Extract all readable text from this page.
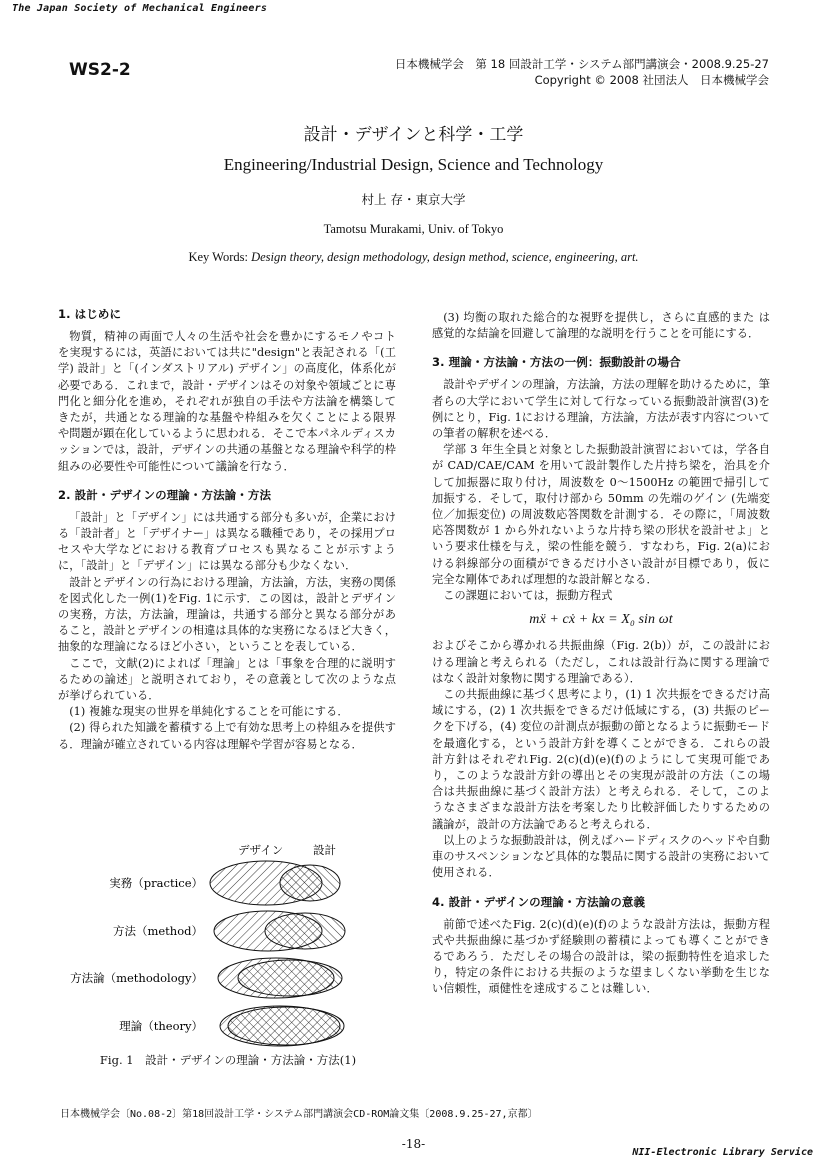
The Japan Society of Mechanical Engineers
WS2-2	日本機械学会　第 18 回設計工学・システム部門講演会・2008.9.25-27
Copyright © 2008 社団法人　日本機械学会
設計・デザインと科学・工学
Engineering/Industrial Design, Science and Technology
村上 存・東京大学
Tamotsu Murakami, Univ. of Tokyo
Key Words: Design theory, design methodology, design method, science, engineering, art.
1. はじめに

物質，精神の両面で人々の生活や社会を豊かにするモノやコトを実現するには，英語においては共に"design"と表記される「(工学) 設計」と「(インダストリアル) デザイン」の高度化，体系化が必要である．これまで，設計・デザインはその対象や領域ごとに専門化と細分化を進め，それぞれが独自の手法や方法論を構築してきたが，共通となる理論的な基盤や枠組みを欠くことによる限界や問題が顕在化しているように思われる．そこで本パネルディスカッションでは，設計，デザインの共通の基盤となる理論や科学的枠組みの必要性や可能性について議論を行なう．

2. 設計・デザインの理論・方法論・方法

「設計」と「デザイン」には共通する部分も多いが，企業における「設計者」と「デザイナー」は異なる職種であり，その採用プロセスや大学などにおける教育プロセスも異なることが示すように，「設計」と「デザイン」には異なる部分も少なくない．

設計とデザインの行為における理論，方法論，方法，実務の関係を図式化した一例(1)をFig. 1に示す．この図は，設計とデザインの実務，方法，方法論，理論は，共通する部分と異なる部分があること，設計とデザインの相違は具体的な実務になるほど大きく，抽象的な理論になるほど小さい，ということを表している．

ここで，文献(2)によれば「理論」とは「事象を合理的に説明するための論述」と説明されており，その意義として次のような点が挙げられている．

(1) 複雑な現実の世界を単純化することを可能にする．

(2) 得られた知識を蓄積する上で有効な思考上の枠組みを提供する．理論が確立されている内容は理解や学習が容易となる．

デザイン	設計
実務（practice）
方法（method）
方法論（methodology）
理論（theory）
Fig. 1　設計・デザインの理論・方法論・方法(1)

(3) 均衡の取れた総合的な視野を提供し，さらに直感的また は感覚的な結論を回避して論理的な説明を行うことを可能にする．

3. 理論・方法論・方法の一例：振動設計の場合

設計やデザインの理論，方法論，方法の理解を助けるために，筆者らの大学において学生に対して行なっている振動設計演習(3)を例にとり，Fig. 1における理論，方法論，方法が表す内容についての筆者の解釈を述べる．

学部 3 年生全員と対象とした振動設計演習においては，学各自が CAD/CAE/CAM を用いて設計製作した片持ち梁を，治具を介して加振器に取り付け，周波数を 0～1500Hz の範囲で掃引して加振する．そして，取付け部から 50mm の先端のゲイン (先端変位／加振変位) の周波数応答関数を計測する．その際に，「周波数応答関数が 1 から外れないような片持ち梁の形状を設計せよ」という要求仕様を与え，梁の性能を競う．すなわち，Fig. 2(a)における斜線部分の面積ができるだけ小さい設計が目標であり，仮に完全な剛体であれば理想的な設計解となる．

この課題においては，振動方程式

mẍ + cẋ + kx = X₀ sin ωt

およびそこから導かれる共振曲線（Fig. 2(b)）が，この設計における理論と考えられる（ただし，これは設計行為に関する理論ではなく設計対象物に関する理論である）．

この共振曲線に基づく思考により，(1) 1 次共振をできるだけ高域にする，(2) 1 次共振をできるだけ低域にする，(3) 共振のピークを下げる，(4) 変位の計測点が振動の節となるように振動モードを最適化する，という設計方針を導くことができる．これらの設計方針はそれぞれFig. 2(c)(d)(e)(f)のようにして実現可能であり，このような設計方針の導出とその実現が設計の方法（この場合は共振曲線に基づく設計方法）と考えられる．そして，このようなさまざまな設計方法を考案したり比較評価したりするための議論が，設計の方法論であると考えられる．

以上のような振動設計は，例えばハードディスクのヘッドや自動車のサスペンションなど具体的な製品に関する設計の実務において使用される．

4. 設計・デザインの理論・方法論の意義

前節で述べたFig. 2(c)(d)(e)(f)のような設計方法は，振動方程式や共振曲線に基づかず経験則の蓄積によっても導くことができるであろう．ただしその場合の設計は，梁の振動特性を追求したり，特定の条件における共振のような望ましくない挙動を生じない信頼性，頑健性を達成することは難しい．

日本機械学会〔No.08-2〕第18回設計工学・システム部門講演会CD-ROM論文集〔2008.9.25-27,京都〕
-18-
NII-Electronic Library Service
